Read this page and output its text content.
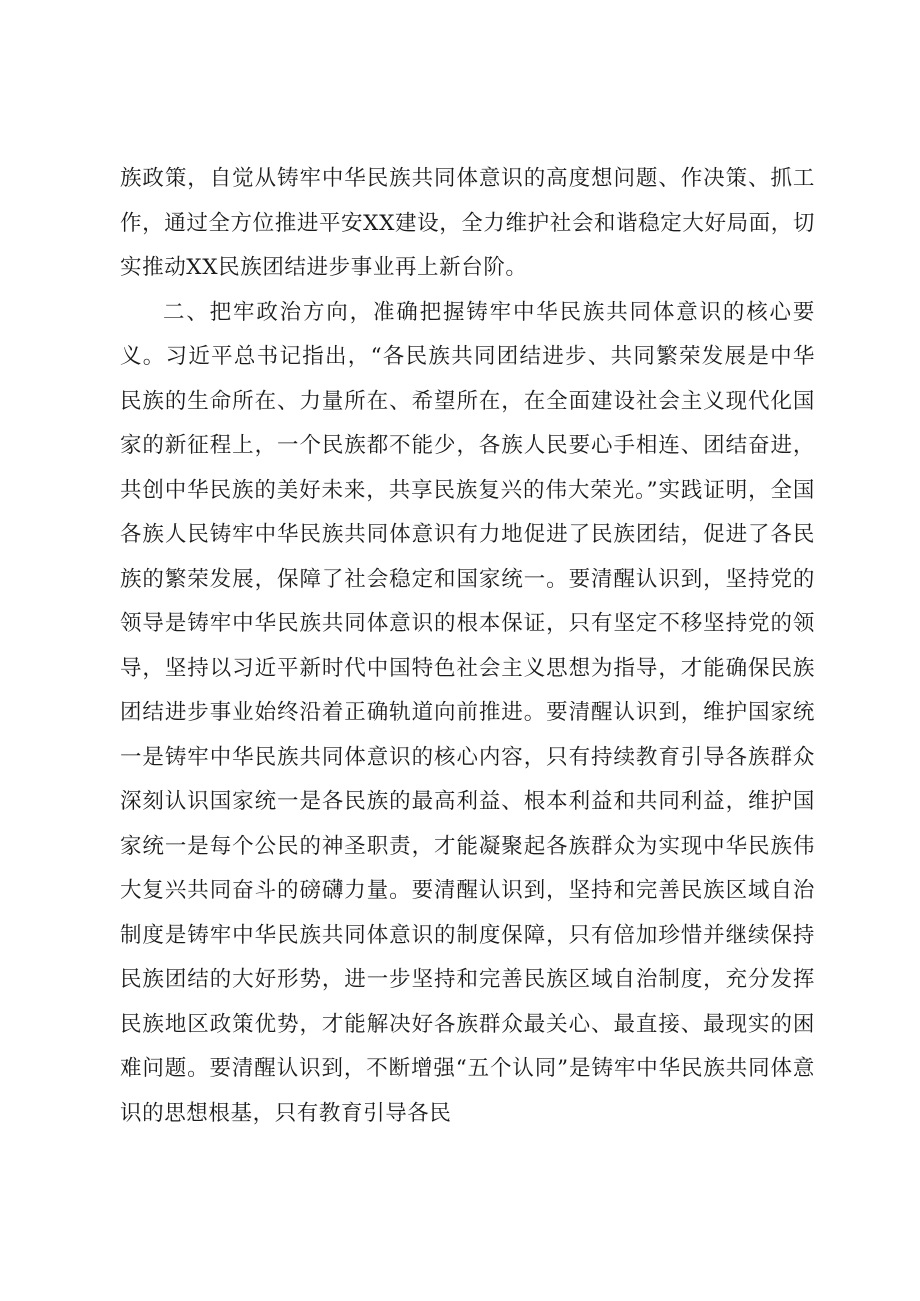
族政策，自觉从铸牢中华民族共同体意识的高度想问题、作决策、抓工作，通过全方位推进平安XX建设，全力维护社会和谐稳定大好局面，切实推动XX民族团结进步事业再上新台阶。

二、把牢政治方向，准确把握铸牢中华民族共同体意识的核心要义。习近平总书记指出，“各民族共同团结进步、共同繁荣发展是中华民族的生命所在、力量所在、希望所在，在全面建设社会主义现代化国家的新征程上，一个民族都不能少，各族人民要心手相连、团结奋进，共创中华民族的美好未来，共享民族复兴的伟大荣光。”实践证明，全国各族人民铸牢中华民族共同体意识有力地促进了民族团结，促进了各民族的繁荣发展，保障了社会稳定和国家统一。要清醒认识到，坚持党的领导是铸牢中华民族共同体意识的根本保证，只有坚定不移坚持党的领导，坚持以习近平新时代中国特色社会主义思想为指导，才能确保民族团结进步事业始终沿着正确轨道向前推进。要清醒认识到，维护国家统一是铸牢中华民族共同体意识的核心内容，只有持续教育引导各族群众深刻认识国家统一是各民族的最高利益、根本利益和共同利益，维护国家统一是每个公民的神圣职责，才能凝聚起各族群众为实现中华民族伟大复兴共同奋斗的磅礴力量。要清醒认识到，坚持和完善民族区域自治制度是铸牢中华民族共同体意识的制度保障，只有倍加珍惜并继续保持民族团结的大好形势，进一步坚持和完善民族区域自治制度，充分发挥民族地区政策优势，才能解决好各族群众最关心、最直接、最现实的困难问题。要清醒认识到，不断增强“五个认同”是铸牢中华民族共同体意识的思想根基，只有教育引导各民
